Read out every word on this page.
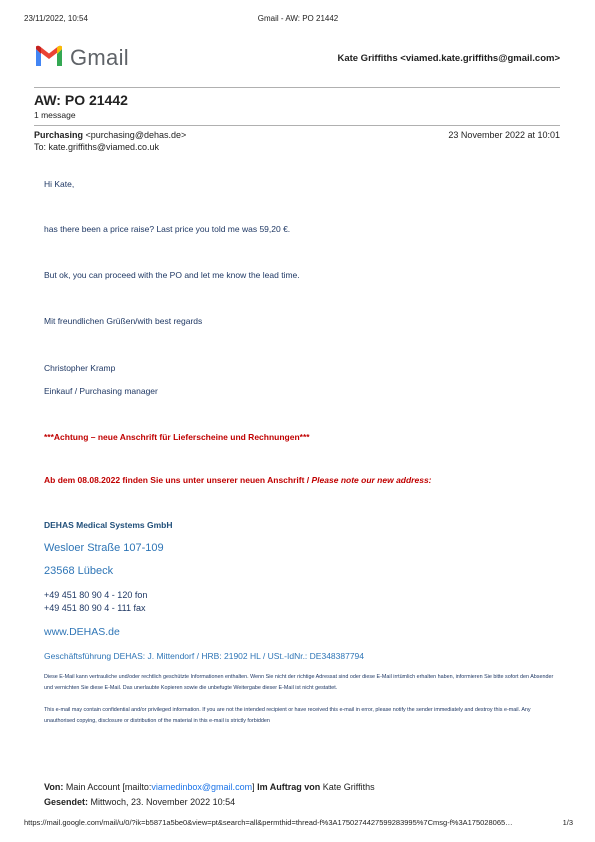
23/11/2022, 10:54	Gmail - AW: PO 21442
Gmail	Kate Griffiths <viamed.kate.griffiths@gmail.com>
AW: PO 21442
1 message
Purchasing <purchasing@dehas.de>	23 November 2022 at 10:01
To: kate.griffiths@viamed.co.uk
Hi Kate,
has there been a price raise? Last price you told me was 59,20 €.
But ok, you can proceed with the PO and let me know the lead time.
Mit freundlichen Grüßen/with best regards
Christopher Kramp
Einkauf / Purchasing manager
***Achtung – neue Anschrift für Lieferscheine und Rechnungen***
Ab dem 08.08.2022 finden Sie uns unter unserer neuen Anschrift / Please note our new address:
DEHAS Medical Systems GmbH
Wesloer Straße 107-109
23568 Lübeck
+49 451 80 90 4 - 120 fon
+49 451 80 90 4 - 111 fax
www.DEHAS.de
Geschäftsführung DEHAS: J. Mittendorf / HRB: 21902 HL / USt.-IdNr.: DE348387794
Diese E-Mail kann vertrauliche und/oder rechtlich geschützte Informationen enthalten. Wenn Sie nicht der richtige Adressat sind oder diese E-Mail irrtümlich erhalten haben, informieren Sie bitte sofort den Absender und vernichten Sie diese E-Mail. Das unerlaubte Kopieren sowie die unbefugte Weitergabe dieser E-Mail ist nicht gestattet.
This e-mail may contain confidential and/or privileged information. If you are not the intended recipient or have received this e-mail in error, please notify the sender immediately and destroy this e-mail. Any unauthorised copying, disclosure or distribution of the material in this e-mail is strictly forbidden
Von: Main Account [mailto:viamedinbox@gmail.com] Im Auftrag von Kate Griffiths
Gesendet: Mittwoch, 23. November 2022 10:54
https://mail.google.com/mail/u/0/?ik=b5871a5be0&view=pt&search=all&permthid=thread-f%3A1750274427599283995%7Cmsg-f%3A175028065…	1/3
